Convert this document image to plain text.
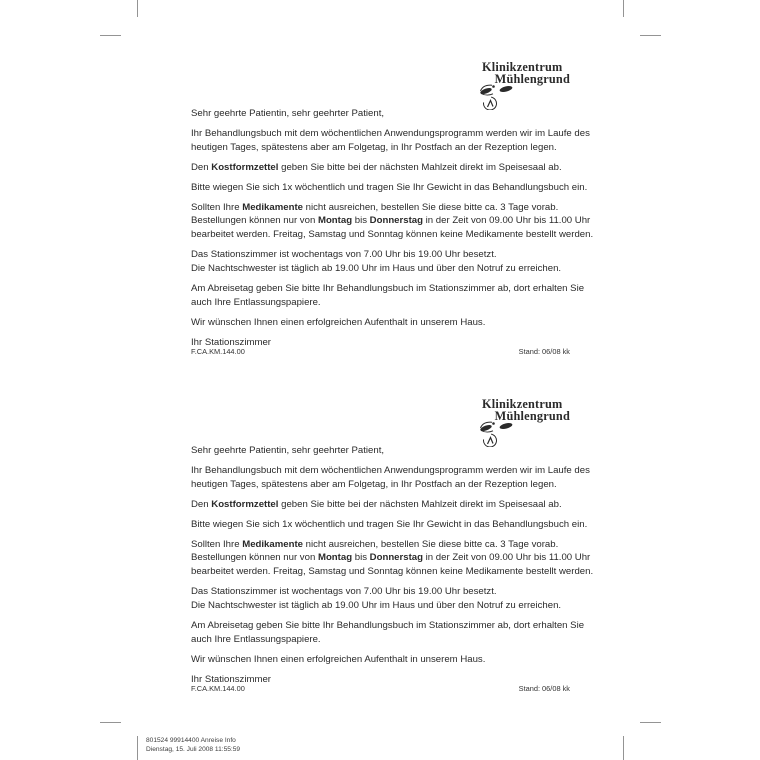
Klinikzentrum
Mühlengrund
Sehr geehrte Patientin, sehr geehrter Patient,
Ihr Behandlungsbuch mit dem wöchentlichen Anwendungsprogramm werden wir im Laufe des
heutigen Tages, spätestens aber am Folgetag, in Ihr Postfach an der Rezeption legen.
Den Kostformzettel geben Sie bitte bei der nächsten Mahlzeit direkt im Speisesaal ab.
Bitte wiegen Sie sich 1x wöchentlich und tragen Sie Ihr Gewicht in das Behandlungsbuch ein.
Sollten Ihre Medikamente nicht ausreichen, bestellen Sie diese bitte ca. 3 Tage vorab.
Bestellungen können nur von Montag bis Donnerstag in der Zeit von 09.00 Uhr bis 11.00 Uhr
bearbeitet werden. Freitag, Samstag und Sonntag können keine Medikamente bestellt werden.
Das Stationszimmer ist wochentags von 7.00 Uhr bis 19.00 Uhr besetzt.
Die Nachtschwester ist täglich ab 19.00 Uhr im Haus und über den Notruf zu erreichen.
Am Abreisetag geben Sie bitte Ihr Behandlungsbuch im Stationszimmer ab, dort erhalten Sie
auch Ihre Entlassungspapiere.
Wir wünschen Ihnen einen erfolgreichen Aufenthalt in unserem Haus.
Ihr Stationszimmer
F.CA.KM.144.00	Stand: 06/08 kk
Klinikzentrum
Mühlengrund
Sehr geehrte Patientin, sehr geehrter Patient,
Ihr Behandlungsbuch mit dem wöchentlichen Anwendungsprogramm werden wir im Laufe des
heutigen Tages, spätestens aber am Folgetag, in Ihr Postfach an der Rezeption legen.
Den Kostformzettel geben Sie bitte bei der nächsten Mahlzeit direkt im Speisesaal ab.
Bitte wiegen Sie sich 1x wöchentlich und tragen Sie Ihr Gewicht in das Behandlungsbuch ein.
Sollten Ihre Medikamente nicht ausreichen, bestellen Sie diese bitte ca. 3 Tage vorab.
Bestellungen können nur von Montag bis Donnerstag in der Zeit von 09.00 Uhr bis 11.00 Uhr
bearbeitet werden. Freitag, Samstag und Sonntag können keine Medikamente bestellt werden.
Das Stationszimmer ist wochentags von 7.00 Uhr bis 19.00 Uhr besetzt.
Die Nachtschwester ist täglich ab 19.00 Uhr im Haus und über den Notruf zu erreichen.
Am Abreisetag geben Sie bitte Ihr Behandlungsbuch im Stationszimmer ab, dort erhalten Sie
auch Ihre Entlassungspapiere.
Wir wünschen Ihnen einen erfolgreichen Aufenthalt in unserem Haus.
Ihr Stationszimmer
F.CA.KM.144.00	Stand: 06/08 kk
801524 99914400 Anreise Info
Dienstag, 15. Juli 2008 11:55:59
